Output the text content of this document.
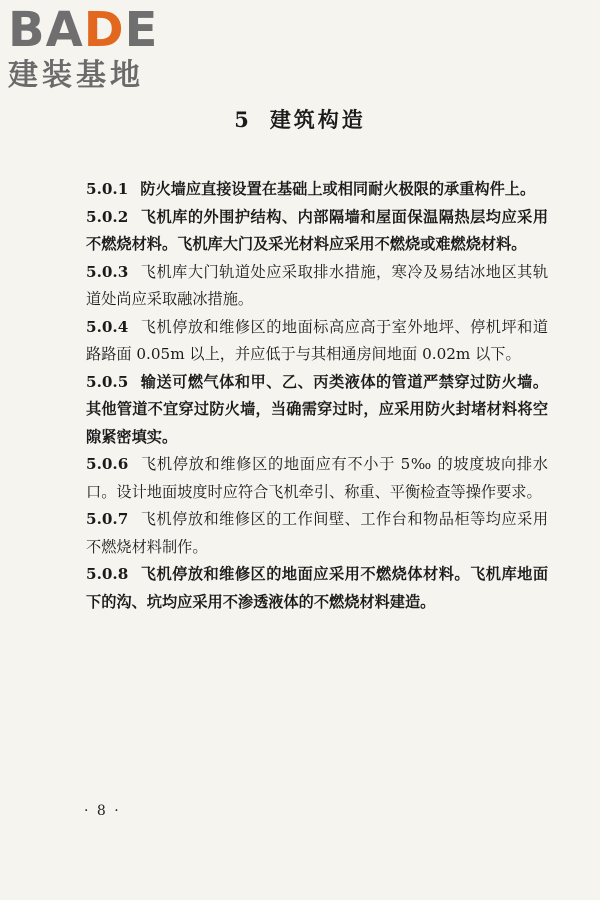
BADE
建装基地
5 建筑构造

5.0.1 防火墙应直接设置在基础上或相同耐火极限的承重构件上。

5.0.2 飞机库的外围护结构、内部隔墙和屋面保温隔热层均应采用不燃烧材料。飞机库大门及采光材料应采用不燃烧或难燃烧材料。

5.0.3 飞机库大门轨道处应采取排水措施，寒冷及易结冰地区其轨道处尚应采取融冰措施。

5.0.4 飞机停放和维修区的地面标高应高于室外地坪、停机坪和道路路面 0.05m 以上，并应低于与其相通房间地面 0.02m 以下。

5.0.5 输送可燃气体和甲、乙、丙类液体的管道严禁穿过防火墙。其他管道不宜穿过防火墙，当确需穿过时，应采用防火封堵材料将空隙紧密填实。

5.0.6 飞机停放和维修区的地面应有不小于 5‰ 的坡度坡向排水口。设计地面坡度时应符合飞机牵引、称重、平衡检查等操作要求。

5.0.7 飞机停放和维修区的工作间壁、工作台和物品柜等均应采用不燃烧材料制作。

5.0.8 飞机停放和维修区的地面应采用不燃烧体材料。飞机库地面下的沟、坑均应采用不渗透液体的不燃烧材料建造。

· 8 ·
